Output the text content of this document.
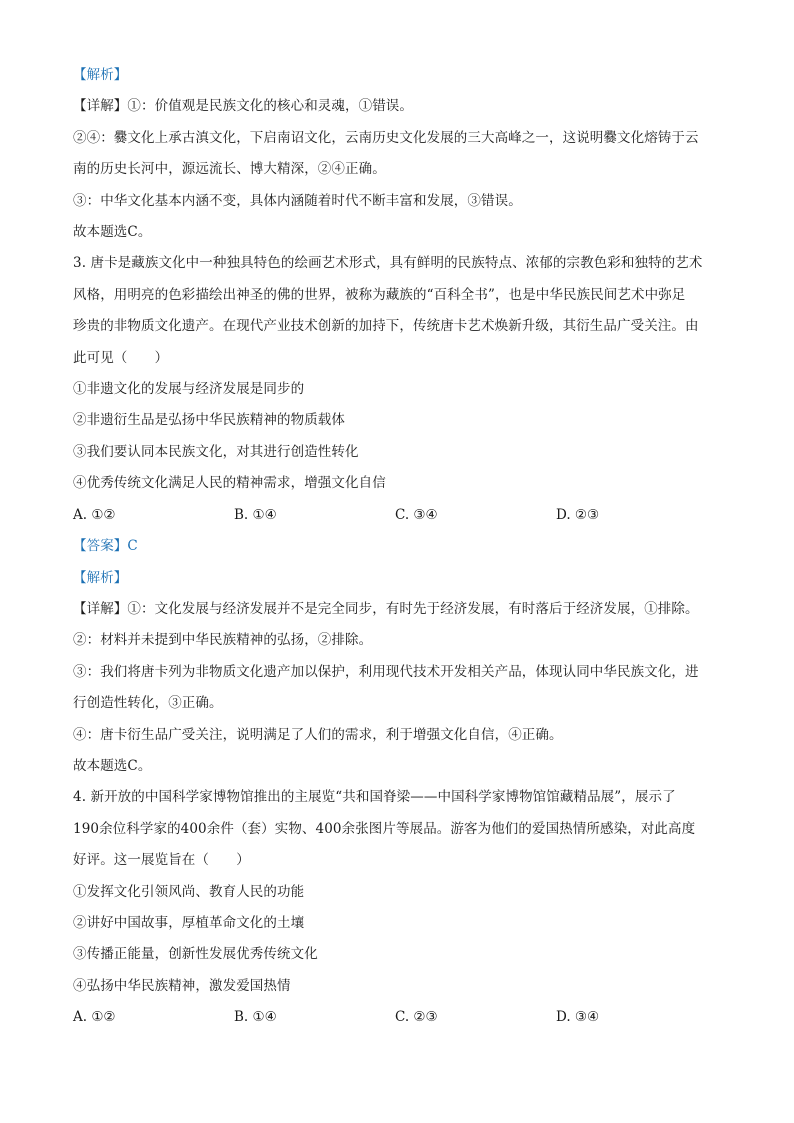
【解析】
【详解】①：价值观是民族文化的核心和灵魂，①错误。
②④：爨文化上承古滇文化，下启南诏文化，云南历史文化发展的三大高峰之一，这说明爨文化熔铸于云
南的历史长河中，源远流长、博大精深，②④正确。
③：中华文化基本内涵不变，具体内涵随着时代不断丰富和发展，③错误。
故本题选C。
3. 唐卡是藏族文化中一种独具特色的绘画艺术形式，具有鲜明的民族特点、浓郁的宗教色彩和独特的艺术
风格，用明亮的色彩描绘出神圣的佛的世界，被称为藏族的“百科全书”，也是中华民族民间艺术中弥足
珍贵的非物质文化遗产。在现代产业技术创新的加持下，传统唐卡艺术焕新升级，其衍生品广受关注。由
此可见（　　）
①非遗文化的发展与经济发展是同步的
②非遗衍生品是弘扬中华民族精神的物质载体
③我们要认同本民族文化，对其进行创造性转化
④优秀传统文化满足人民的精神需求，增强文化自信
A. ①②	B. ①④	C. ③④	D. ②③
【答案】C
【解析】
【详解】①：文化发展与经济发展并不是完全同步，有时先于经济发展，有时落后于经济发展，①排除。
②：材料并未提到中华民族精神的弘扬，②排除。
③：我们将唐卡列为非物质文化遗产加以保护，利用现代技术开发相关产品，体现认同中华民族文化，进
行创造性转化，③正确。
④：唐卡衍生品广受关注，说明满足了人们的需求，利于增强文化自信，④正确。
故本题选C。
4. 新开放的中国科学家博物馆推出的主展览“共和国脊梁——中国科学家博物馆馆藏精品展”，展示了
190余位科学家的400余件（套）实物、400余张图片等展品。游客为他们的爱国热情所感染，对此高度
好评。这一展览旨在（　　）
①发挥文化引领风尚、教育人民的功能
②讲好中国故事，厚植革命文化的土壤
③传播正能量，创新性发展优秀传统文化
④弘扬中华民族精神，激发爱国热情
A. ①②	B. ①④	C. ②③	D. ③④
